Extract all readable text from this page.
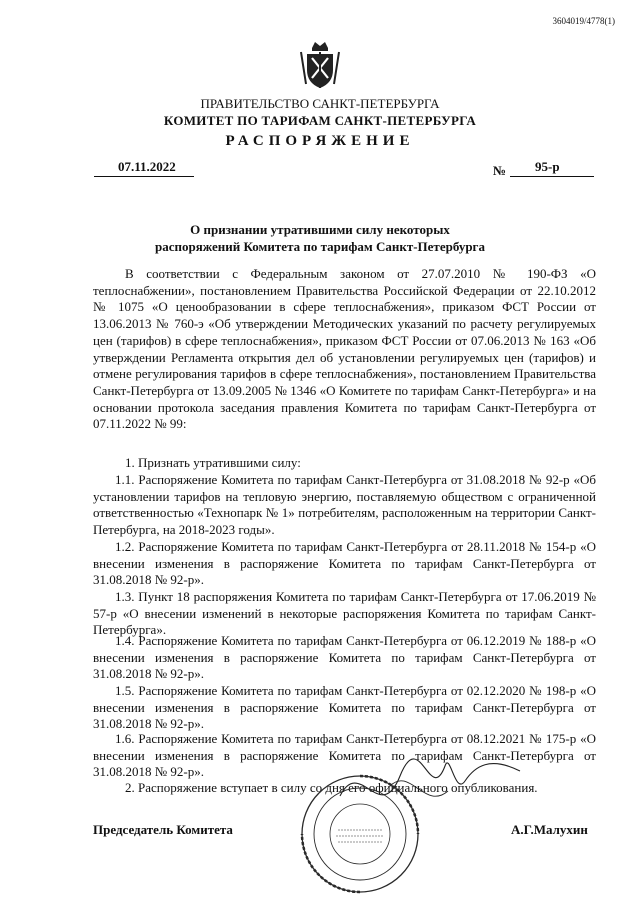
3604019/4778(1)
ПРАВИТЕЛЬСТВО САНКТ-ПЕТЕРБУРГА
КОМИТЕТ ПО ТАРИФАМ САНКТ-ПЕТЕРБУРГА
РАСПОРЯЖЕНИЕ
07.11.2022	№ 95-р
О признании утратившими силу некоторых
распоряжений Комитета по тарифам Санкт-Петербурга
В соответствии с Федеральным законом от 27.07.2010 № 190-ФЗ «О теплоснабжении», постановлением Правительства Российской Федерации от 22.10.2012 № 1075 «О ценообразовании в сфере теплоснабжения», приказом ФСТ России от 13.06.2013 № 760-э «Об утверждении Методических указаний по расчету регулируемых цен (тарифов) в сфере теплоснабжения», приказом ФСТ России от 07.06.2013 № 163 «Об утверждении Регламента открытия дел об установлении регулируемых цен (тарифов) и отмене регулирования тарифов в сфере теплоснабжения», постановлением Правительства Санкт-Петербурга от 13.09.2005 № 1346 «О Комитете по тарифам Санкт-Петербурга» и на основании протокола заседания правления Комитета по тарифам Санкт-Петербурга от 07.11.2022 № 99:
1. Признать утратившими силу:
1.1. Распоряжение Комитета по тарифам Санкт-Петербурга от 31.08.2018 № 92-р «Об установлении тарифов на тепловую энергию, поставляемую обществом с ограниченной ответственностью «Технопарк № 1» потребителям, расположенным на территории Санкт-Петербурга, на 2018-2023 годы».
1.2. Распоряжение Комитета по тарифам Санкт-Петербурга от 28.11.2018 № 154-р «О внесении изменения в распоряжение Комитета по тарифам Санкт-Петербурга от 31.08.2018 № 92-р».
1.3. Пункт 18 распоряжения Комитета по тарифам Санкт-Петербурга от 17.06.2019 № 57-р «О внесении изменений в некоторые распоряжения Комитета по тарифам Санкт-Петербурга».
1.4. Распоряжение Комитета по тарифам Санкт-Петербурга от 06.12.2019 № 188-р «О внесении изменения в распоряжение Комитета по тарифам Санкт-Петербурга от 31.08.2018 № 92-р».
1.5. Распоряжение Комитета по тарифам Санкт-Петербурга от 02.12.2020 № 198-р «О внесении изменения в распоряжение Комитета по тарифам Санкт-Петербурга от 31.08.2018 № 92-р».
1.6. Распоряжение Комитета по тарифам Санкт-Петербурга от 08.12.2021 № 175-р «О внесении изменения в распоряжение Комитета по тарифам Санкт-Петербурга от 31.08.2018 № 92-р».
2. Распоряжение вступает в силу со дня его официального опубликования.
Председатель Комитета	А.Г.Малухин
